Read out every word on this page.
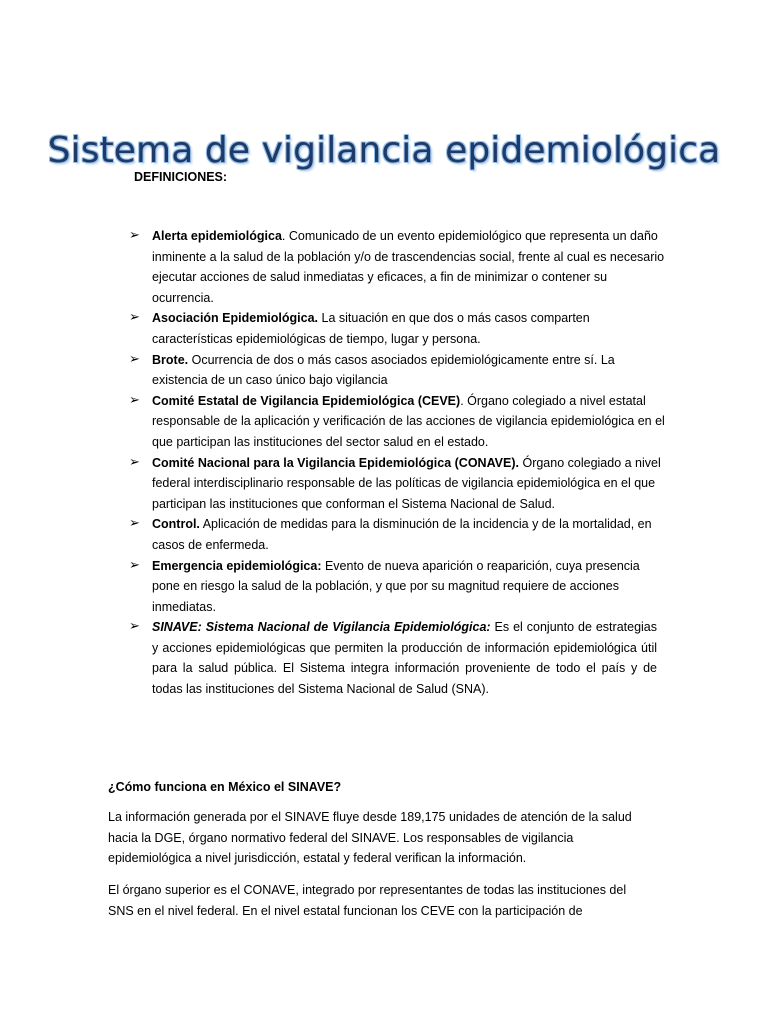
Sistema de vigilancia epidemiológica
DEFINICIONES:
➢ Alerta epidemiológica. Comunicado de un evento epidemiológico que representa un daño inminente a la salud de la población y/o de trascendencias social, frente al cual es necesario ejecutar acciones de salud inmediatas y eficaces, a fin de minimizar o contener su ocurrencia.
➢ Asociación Epidemiológica. La situación en que dos o más casos comparten características epidemiológicas de tiempo, lugar y persona.
➢ Brote. Ocurrencia de dos o más casos asociados epidemiológicamente entre sí. La existencia de un caso único bajo vigilancia
➢ Comité Estatal de Vigilancia Epidemiológica (CEVE). Órgano colegiado a nivel estatal responsable de la aplicación y verificación de las acciones de vigilancia epidemiológica en el que participan las instituciones del sector salud en el estado.
➢ Comité Nacional para la Vigilancia Epidemiológica (CONAVE). Órgano colegiado a nivel federal interdisciplinario responsable de las políticas de vigilancia epidemiológica en el que participan las instituciones que conforman el Sistema Nacional de Salud.
➢ Control. Aplicación de medidas para la disminución de la incidencia y de la mortalidad, en casos de enfermeda.
➢ Emergencia epidemiológica: Evento de nueva aparición o reaparición, cuya presencia pone en riesgo la salud de la población, y que por su magnitud requiere de acciones inmediatas.
➢ SINAVE: Sistema Nacional de Vigilancia Epidemiológica: Es el conjunto de estrategias y acciones epidemiológicas que permiten la producción de información epidemiológica útil para la salud pública. El Sistema integra información proveniente de todo el país y de todas las instituciones del Sistema Nacional de Salud (SNA).
¿Cómo funciona en México el SINAVE?

La información generada por el SINAVE fluye desde 189,175 unidades de atención de la salud hacia la DGE, órgano normativo federal del SINAVE. Los responsables de vigilancia epidemiológica a nivel jurisdicción, estatal y federal verifican la información.

El órgano superior es el CONAVE, integrado por representantes de todas las instituciones del SNS en el nivel federal. En el nivel estatal funcionan los CEVE con la participación de
